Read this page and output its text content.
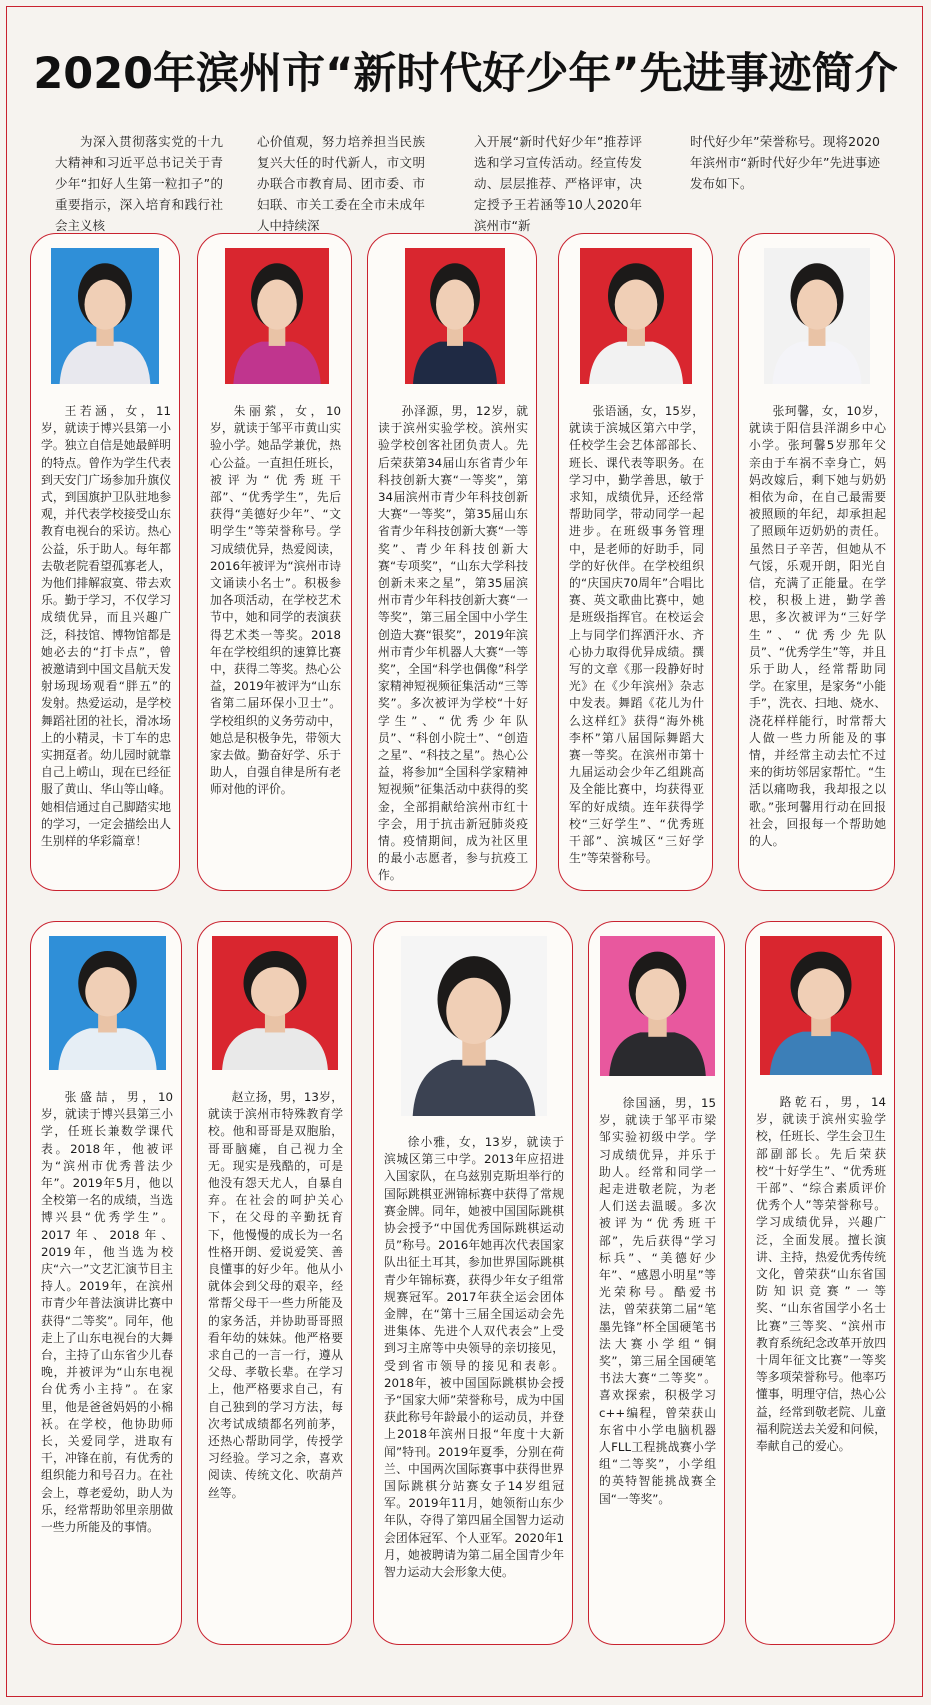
2020年滨州市“新时代好少年”先进事迹简介
为深入贯彻落实党的十九大精神和习近平总书记关于青少年“扣好人生第一粒扣子”的重要指示，深入培育和践行社会主义核
心价值观，努力培养担当民族复兴大任的时代新人，市文明办联合市教育局、团市委、市妇联、市关工委在全市未成年人中持续深
入开展“新时代好少年”推荐评选和学习宣传活动。经宣传发动、层层推荐、严格评审，决定授予王若涵等10人2020年滨州市“新
时代好少年”荣誉称号。现将2020年滨州市“新时代好少年”先进事迹发布如下。
王若涵，女，11岁，就读于博兴县第一小学。独立自信是她最鲜明的特点。曾作为学生代表到天安门广场参加升旗仪式，到国旗护卫队驻地参观，并代表学校接受山东教育电视台的采访。热心公益，乐于助人。每年都去敬老院看望孤寡老人，为他们排解寂寞、带去欢乐。勤于学习，不仅学习成绩优异，而且兴趣广泛，科技馆、博物馆都是她必去的“打卡点”，曾被邀请到中国文昌航天发射场现场观看“胖五”的发射。热爱运动，是学校舞蹈社团的社长，滑冰场上的小精灵，卡丁车的忠实拥趸者。幼儿园时就靠自己上崂山，现在已经征服了黄山、华山等山峰。她相信通过自己脚踏实地的学习，一定会描绘出人生别样的华彩篇章！
朱丽萦，女，10岁，就读于邹平市黄山实验小学。她品学兼优，热心公益。一直担任班长，被评为“优秀班干部”、“优秀学生”，先后获得“美德好少年”、“文明学生”等荣誉称号。学习成绩优异，热爱阅读，2016年被评为“滨州市诗文诵读小名士”。积极参加各项活动，在学校艺术节中，她和同学的表演获得艺术类一等奖。2018年在学校组织的速算比赛中，获得二等奖。热心公益，2019年被评为“山东省第二届环保小卫士”。学校组织的义务劳动中，她总是积极争先，带领大家去做。勤奋好学、乐于助人，自强自律是所有老师对他的评价。
孙泽源，男，12岁，就读于滨州实验学校。滨州实验学校创客社团负责人。先后荣获第34届山东省青少年科技创新大赛“一等奖”，第34届滨州市青少年科技创新大赛“一等奖”，第35届山东省青少年科技创新大赛“一等奖”、青少年科技创新大赛“专项奖”，“山东大学科技创新未来之星”，第35届滨州市青少年科技创新大赛“一等奖”，第三届全国中小学生创造大赛“银奖”，2019年滨州市青少年机器人大赛“一等奖”，全国“科学也偶像”科学家精神短视频征集活动“三等奖”。多次被评为学校“十好学生”、“优秀少年队员”、“科创小院士”、“创造之星”、“科技之星”。热心公益，将参加“全国科学家精神短视频”征集活动中获得的奖金，全部捐献给滨州市红十字会，用于抗击新冠肺炎疫情。疫情期间，成为社区里的最小志愿者，参与抗疫工作。
张语涵，女，15岁，就读于滨城区第六中学，任校学生会艺体部部长、班长、课代表等职务。在学习中，勤学善思，敏于求知，成绩优异，还经常帮助同学，带动同学一起进步。在班级事务管理中，是老师的好助手，同学的好伙伴。在学校组织的“庆国庆70周年”合唱比赛、英文歌曲比赛中，她是班级指挥官。在校运会上与同学们挥洒汗水、齐心协力取得优异成绩。撰写的文章《那一段静好时光》在《少年滨州》杂志中发表。舞蹈《花儿为什么这样红》获得“海外桃李杯”第八届国际舞蹈大赛一等奖。在滨州市第十九届运动会少年乙组跳高及全能比赛中，均获得亚军的好成绩。连年获得学校“三好学生”、“优秀班干部”、滨城区“三好学生”等荣誉称号。
张珂馨，女，10岁，就读于阳信县洋湖乡中心小学。张珂馨5岁那年父亲由于车祸不幸身亡，妈妈改嫁后，剩下她与奶奶相依为命，在自己最需要被照顾的年纪，却承担起了照顾年迈奶奶的责任。虽然日子辛苦，但她从不气馁，乐观开朗，阳光自信，充满了正能量。在学校，积极上进，勤学善思，多次被评为“三好学生”、“优秀少先队员”、“优秀学生”等，并且乐于助人，经常帮助同学。在家里，是家务“小能手”，洗衣、扫地、烧水、浇花样样能行，时常帮大人做一些力所能及的事情，并经常主动去忙不过来的街坊邻居家帮忙。“生活以痛吻我，我却报之以歌。”张珂馨用行动在回报社会，回报每一个帮助她的人。
张盛喆，男，10岁，就读于博兴县第三小学，任班长兼数学课代表。2018年，他被评为“滨州市优秀普法少年”。2019年5月，他以全校第一名的成绩，当选博兴县“优秀学生”。2017年、2018年、2019年，他当选为校庆“六一”文艺汇演节目主持人。2019年，在滨州市青少年普法演讲比赛中获得“二等奖”。同年，他走上了山东电视台的大舞台，主持了山东省少儿春晚，并被评为“山东电视台优秀小主持”。在家里，他是爸爸妈妈的小棉袄。在学校，他协助师长，关爱同学，进取有干，冲锋在前，有优秀的组织能力和号召力。在社会上，尊老爱幼，助人为乐，经常帮助邻里亲朋做一些力所能及的事情。
赵立扬，男，13岁，就读于滨州市特殊教育学校。他和哥哥是双胞胎，哥哥脑瘫，自己视力全无。现实是残酷的，可是他没有怨天尤人，自暴自弃。在社会的呵护关心下，在父母的辛勤抚育下，他慢慢的成长为一名性格开朗、爱说爱笑、善良懂事的好少年。他从小就体会到父母的艰辛，经常帮父母干一些力所能及的家务活，并协助哥哥照看年幼的妹妹。他严格要求自己的一言一行，遵从父母、孝敬长辈。在学习上，他严格要求自己，有自己独到的学习方法，每次考试成绩都名列前茅，还热心帮助同学，传授学习经验。学习之余，喜欢阅读、传统文化、吹葫芦丝等。
徐小雅，女，13岁，就读于滨城区第三中学。2013年应招进入国家队，在乌兹别克斯坦举行的国际跳棋亚洲锦标赛中获得了常规赛金牌。同年，她被中国国际跳棋协会授予“中国优秀国际跳棋运动员”称号。2016年她再次代表国家队出征土耳其，参加世界国际跳棋青少年锦标赛，获得少年女子组常规赛冠军。2017年获全运会团体金牌，在“第十三届全国运动会先进集体、先进个人双代表会”上受到习主席等中央领导的亲切接见，受到省市领导的接见和表彰。2018年，被中国国际跳棋协会授予“国家大师”荣誉称号，成为中国获此称号年龄最小的运动员，并登上2018年滨州日报“年度十大新闻”特刊。2019年夏季，分别在荷兰、中国两次国际赛事中获得世界国际跳棋分站赛女子14岁组冠军。2019年11月，她领衔山东少年队，夺得了第四届全国智力运动会团体冠军、个人亚军。2020年1月，她被聘请为第二届全国青少年智力运动大会形象大使。
徐国涵，男，15岁，就读于邹平市梁邹实验初级中学。学习成绩优异，并乐于助人。经常和同学一起走进敬老院，为老人们送去温暖。多次被评为“优秀班干部”，先后获得“学习标兵”、“美德好少年”、“感恩小明星”等光荣称号。酷爱书法，曾荣获第二届“笔墨先锋”杯全国硬笔书法大赛小学组“铜奖”，第三届全国硬笔书法大赛“二等奖”。喜欢探索，积极学习c++编程，曾荣获山东省中小学电脑机器人FLL工程挑战赛小学组“二等奖”，小学组的英特智能挑战赛全国“一等奖”。
路乾石，男，14岁，就读于滨州实验学校，任班长、学生会卫生部副部长。先后荣获校“十好学生”、“优秀班干部”、“综合素质评价优秀个人”等荣誉称号。学习成绩优异，兴趣广泛，全面发展。擅长演讲、主持，热爱优秀传统文化，曾荣获“山东省国防知识竞赛”一等奖、“山东省国学小名士比赛”三等奖、“滨州市教育系统纪念改革开放四十周年征文比赛”一等奖等多项荣誉称号。他率巧懂事，明理守信，热心公益，经常到敬老院、儿童福利院送去关爱和问候，奉献自己的爱心。
